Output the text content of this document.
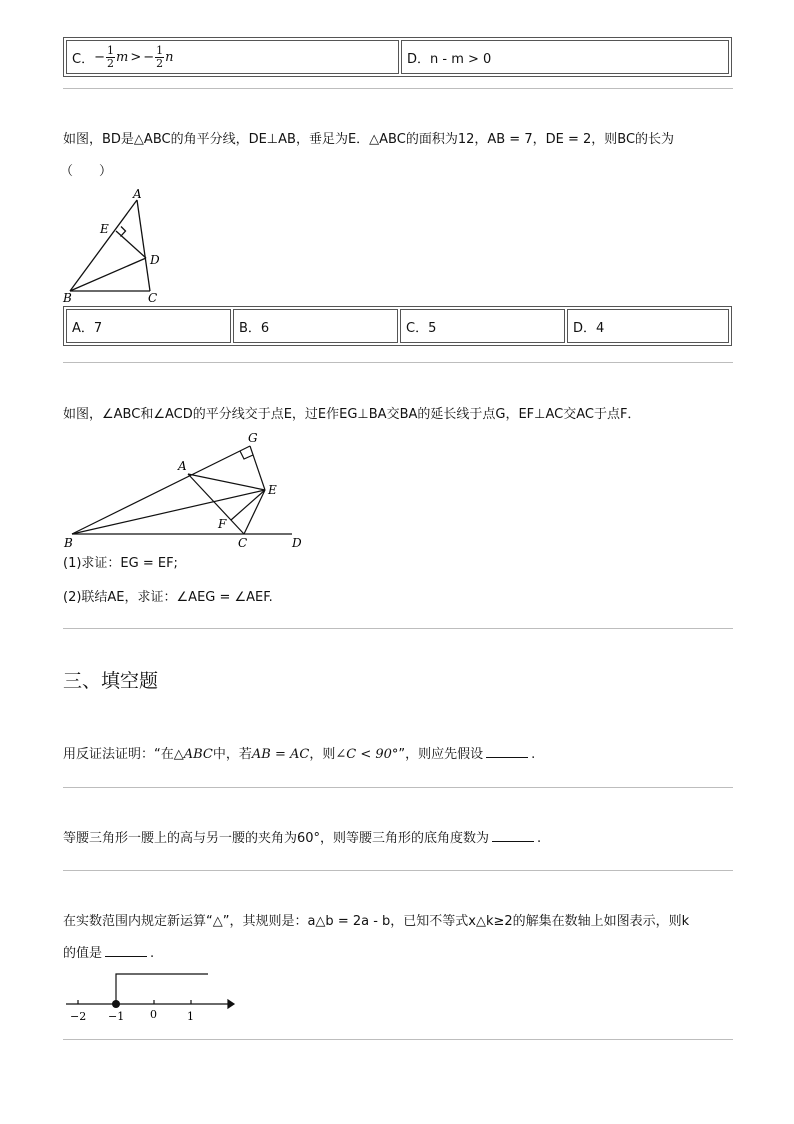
C． − $\frac{1}{2}$ m > − $\frac{1}{2}$ n	D．n - m > 0
如图，BD是△ABC的角平分线，DE⊥AB，垂足为E．△ABC的面积为12，AB = 7，DE = 2，则BC的长为
（　　）
A
E
D
B	C
A．7	B．6	C．5	D．4
如图，∠ABC和∠ACD的平分线交于点E，过E作EG⊥BA交BA的延长线于点G，EF⊥AC交AC于点F．
G
A
E
F
B	C	D
(1)求证：EG = EF;
(2)联结AE，求证：∠AEG = ∠AEF.
三、填空题
用反证法证明：“在△ABC中，若AB = AC，则∠C < 90°”，则应先假设	.
等腰三角形一腰上的高与另一腰的夹角为60°，则等腰三角形的底角度数为	.
在实数范围内规定新运算“△”，其规则是：a△b = 2a - b，已知不等式x△k≥2的解集在数轴上如图表示，则k
的值是	.
−2 −1 0	1
